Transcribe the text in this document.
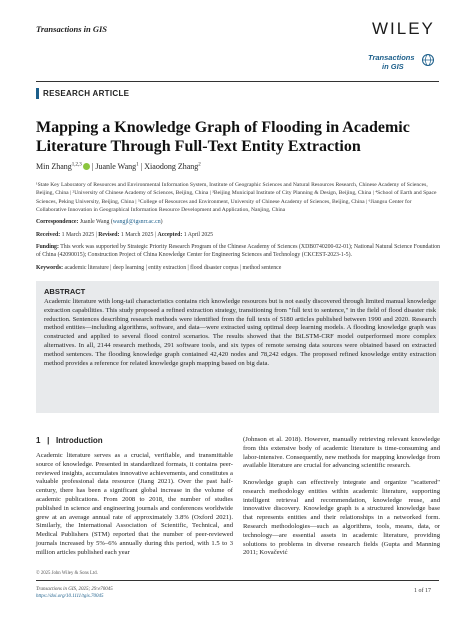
Transactions in GIS	WILEY
Transactions
in GIS
RESEARCH ARTICLE
Mapping a Knowledge Graph of Flooding in Academic Literature Through Full-Text Entity Extraction
Min Zhang$^{1,2,3}$ | Juanle Wang$^1$ | Xiaodong Zhang$^2$
¹State Key Laboratory of Resources and Environmental Information System, Institute of Geographic Sciences and Natural Resources Research, Chinese Academy of Sciences, Beijing, China | ²University of Chinese Academy of Sciences, Beijing, China | ³Beijing Municipal Institute of City Planning & Design, Beijing, China | ⁴School of Earth and Space Sciences, Peking University, Beijing, China | ⁵College of Resources and Environment, University of Chinese Academy of Sciences, Beijing, China | ⁶Jiangsu Center for Collaborative Innovation in Geographical Information Resource Development and Application, Nanjing, China
Correspondence: Juanle Wang (wangjl@igsnrr.ac.cn)
Received: 1 March 2025 | Revised: 1 March 2025 | Accepted: 1 April 2025
Funding: This work was supported by Strategic Priority Research Program of the Chinese Academy of Sciences (XDB0740200-02-01); National Natural Science Foundation of China (42090015); Construction Project of China Knowledge Center for Engineering Sciences and Technology (CKCEST-2023-1-5).
Keywords: academic literature | deep learning | entity extraction | flood disaster corpus | method sentence
ABSTRACT
Academic literature with long-tail characteristics contains rich knowledge resources but is not easily discovered through limited manual knowledge extraction capabilities. This study proposed a refined extraction strategy, transitioning from "full text to sentence," in the field of flood disaster risk reduction. Sentences describing research methods were identified from the full texts of 5180 articles published between 1990 and 2020. Research method entities—including algorithms, software, and data—were extracted using optimal deep learning models. A flooding knowledge graph was constructed and applied to several flood control scenarios. The results showed that the BiLSTM-CRF model outperformed more complex alternatives. In all, 2144 research methods, 291 software tools, and six types of remote sensing data sources were obtained based on extracted method sentences. The flooding knowledge graph contained 42,420 nodes and 78,242 edges. The proposed refined knowledge entity extraction method provides a reference for related knowledge graph mapping based on big data.
1   |   Introduction
Academic literature serves as a crucial, verifiable, and transmittable source of knowledge. Presented in standardized formats, it contains peer-reviewed insights, accumulates innovative achievements, and constitutes a valuable professional data resource (Jiang 2021). Over the past half-century, there has been a significant global increase in the volume of academic publications. From 2008 to 2018, the number of studies published in science and engineering journals and conferences worldwide grew at an average annual rate of approximately 3.8% (Oxford 2021). Similarly, the International Association of Scientific, Technical, and Medical Publishers (STM) reported that the number of peer-reviewed journals increased by 5%–6% annually during this period, with 1.5 to 3 million articles published each year
(Johnson et al. 2018). However, manually retrieving relevant knowledge from this extensive body of academic literature is time-consuming and labor-intensive. Consequently, new methods for mapping knowledge from available literature are crucial for advancing scientific research.
Knowledge graph can effectively integrate and organize "scattered" research methodology entities within academic literature, supporting intelligent retrieval and recommendation, knowledge reuse, and innovative discovery. Knowledge graph is a structured knowledge base that represents entities and their relationships in a networked form. Research methodologies—such as algorithms, tools, means, data, or technology—are essential assets in academic literature, providing solutions to problems in diverse research fields (Gupta and Manning 2011; Kovačević
© 2025 John Wiley & Sons Ltd.
Transactions in GIS, 2025; 29:e70045
https://doi.org/10.1111/tgis.70045
1 of 17
